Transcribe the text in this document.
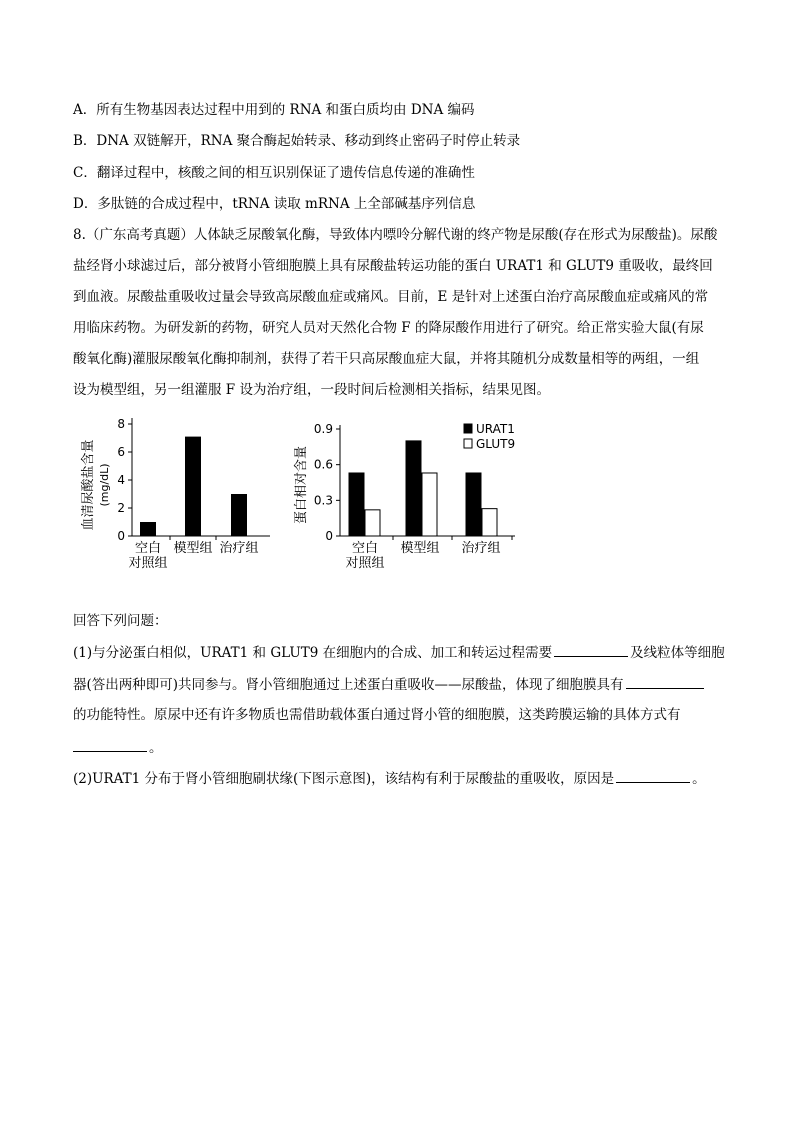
A．所有生物基因表达过程中用到的 RNA 和蛋白质均由 DNA 编码
B．DNA 双链解开，RNA 聚合酶起始转录、移动到终止密码子时停止转录
C．翻译过程中，核酸之间的相互识别保证了遗传信息传递的准确性
D．多肽链的合成过程中，tRNA 读取 mRNA 上全部碱基序列信息
8.（广东高考真题）人体缺乏尿酸氧化酶，导致体内嘌呤分解代谢的终产物是尿酸(存在形式为尿酸盐)。尿酸
盐经肾小球滤过后，部分被肾小管细胞膜上具有尿酸盐转运功能的蛋白 URAT1 和 GLUT9 重吸收，最终回
到血液。尿酸盐重吸收过量会导致高尿酸血症或痛风。目前，E 是针对上述蛋白治疗高尿酸血症或痛风的常
用临床药物。为研发新的药物，研究人员对天然化合物 F 的降尿酸作用进行了研究。给正常实验大鼠(有尿
酸氧化酶)灌服尿酸氧化酶抑制剂，获得了若干只高尿酸血症大鼠，并将其随机分成数量相等的两组，一组
设为模型组，另一组灌服 F 设为治疗组，一段时间后检测相关指标，结果见图。
血清尿酸盐含量 (mg/dL)
0
2
4
6
8
空白
对照组
模型组 治疗组
蛋白相对含量
0
0.3
0.6
0.9
空白
对照组
模型组 治疗组
URAT1
GLUT9
回答下列问题：
(1)与分泌蛋白相似，URAT1 和 GLUT9 在细胞内的合成、加工和转运过程需要	及线粒体等细胞
器(答出两种即可)共同参与。肾小管细胞通过上述蛋白重吸收——尿酸盐，体现了细胞膜具有
的功能特性。原尿中还有许多物质也需借助载体蛋白通过肾小管的细胞膜，这类跨膜运输的具体方式有
。
(2)URAT1 分布于肾小管细胞刷状缘(下图示意图)，该结构有利于尿酸盐的重吸收，原因是	。
